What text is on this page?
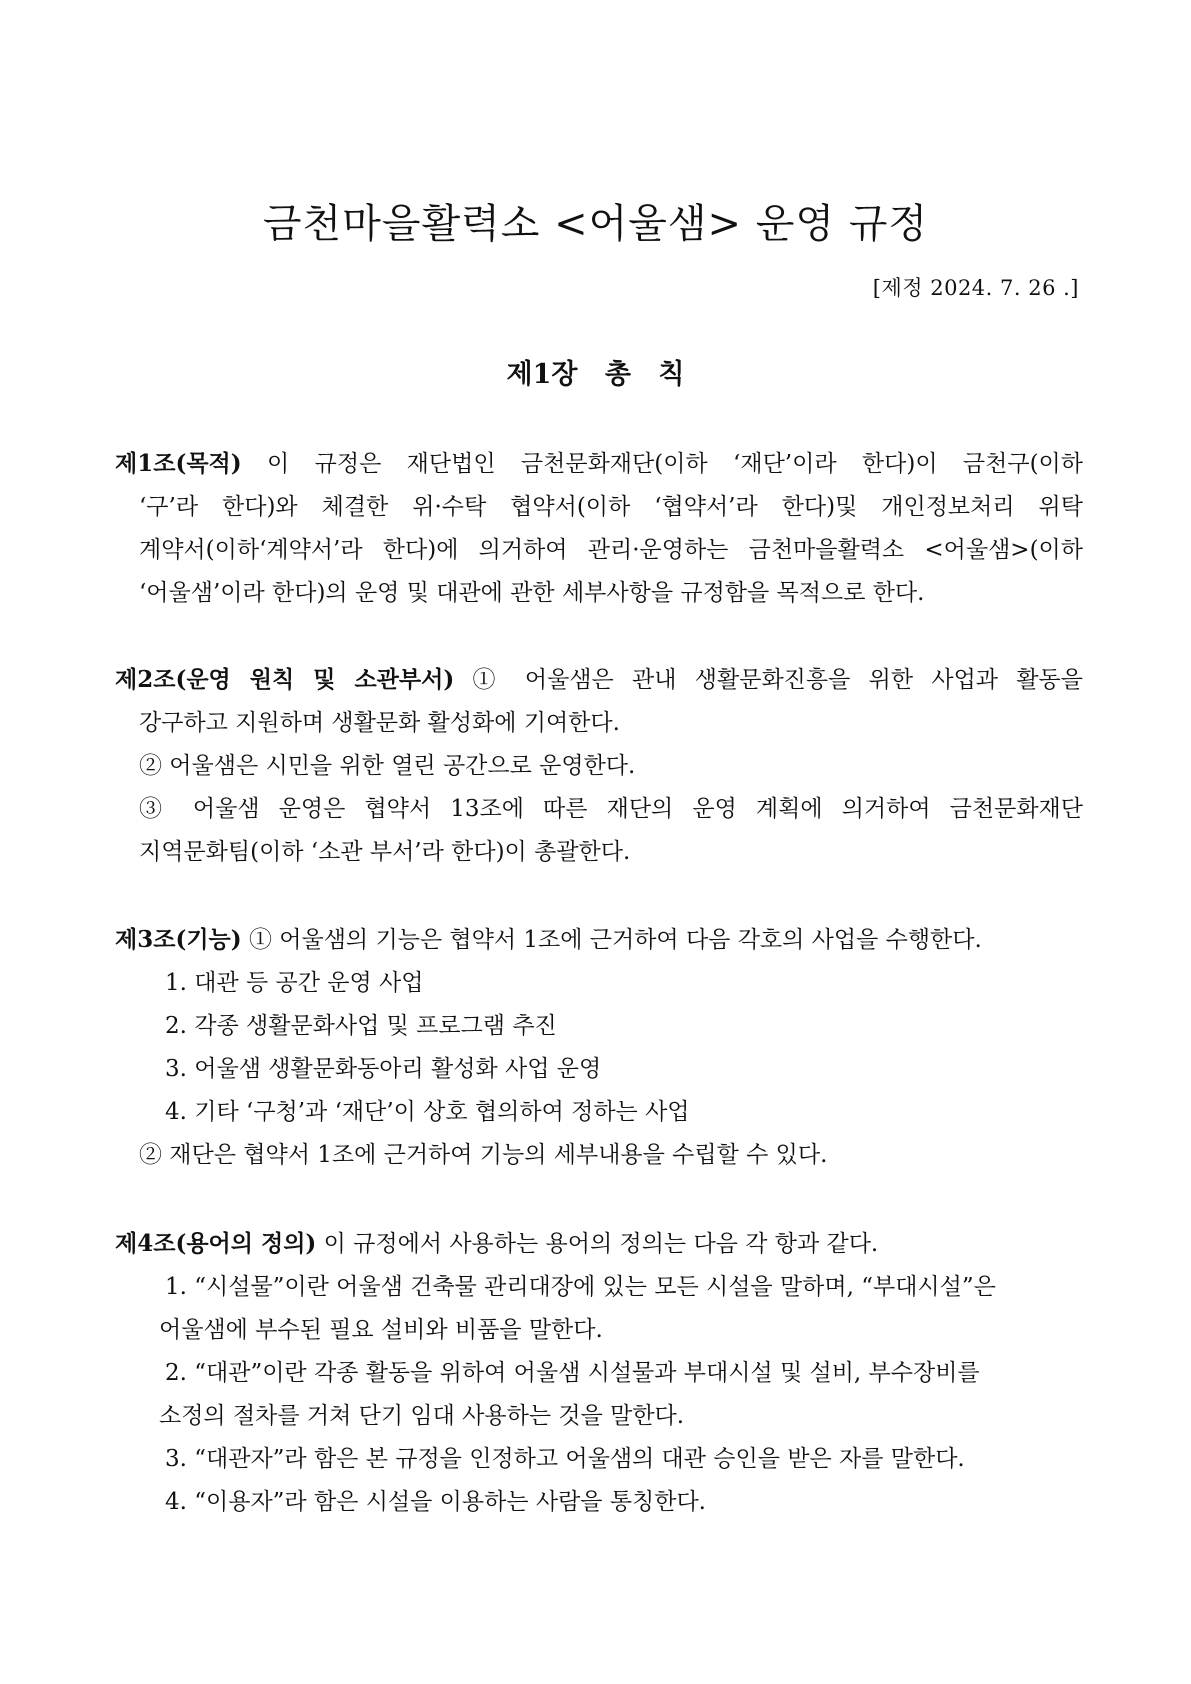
금천마을활력소 <어울샘> 운영 규정
[제정 2024. 7. 26 .]
제1장 총 칙
제1조(목적) 이 규정은 재단법인 금천문화재단(이하 ‘재단’이라 한다)이 금천구(이하
‘구’라 한다)와 체결한 위·수탁 협약서(이하 ‘협약서’라 한다)및 개인정보처리 위탁
계약서(이하‘계약서’라 한다)에 의거하여 관리·운영하는 금천마을활력소 <어울샘>(이하
‘어울샘’이라 한다)의 운영 및 대관에 관한 세부사항을 규정함을 목적으로 한다.
제2조(운영 원칙 및 소관부서) ① 어울샘은 관내 생활문화진흥을 위한 사업과 활동을
강구하고 지원하며 생활문화 활성화에 기여한다.
② 어울샘은 시민을 위한 열린 공간으로 운영한다.
③ 어울샘 운영은 협약서 13조에 따른 재단의 운영 계획에 의거하여 금천문화재단
지역문화팀(이하 ‘소관 부서’라 한다)이 총괄한다.
제3조(기능) ① 어울샘의 기능은 협약서 1조에 근거하여 다음 각호의 사업을 수행한다.
1. 대관 등 공간 운영 사업
2. 각종 생활문화사업 및 프로그램 추진
3. 어울샘 생활문화동아리 활성화 사업 운영
4. 기타 ‘구청’과 ‘재단’이 상호 협의하여 정하는 사업
② 재단은 협약서 1조에 근거하여 기능의 세부내용을 수립할 수 있다.
제4조(용어의 정의) 이 규정에서 사용하는 용어의 정의는 다음 각 항과 같다.
1. “시설물”이란 어울샘 건축물 관리대장에 있는 모든 시설을 말하며, “부대시설”은
어울샘에 부수된 필요 설비와 비품을 말한다.
2. “대관”이란 각종 활동을 위하여 어울샘 시설물과 부대시설 및 설비, 부수장비를
소정의 절차를 거쳐 단기 임대 사용하는 것을 말한다.
3. “대관자”라 함은 본 규정을 인정하고 어울샘의 대관 승인을 받은 자를 말한다.
4. “이용자”라 함은 시설을 이용하는 사람을 통칭한다.
